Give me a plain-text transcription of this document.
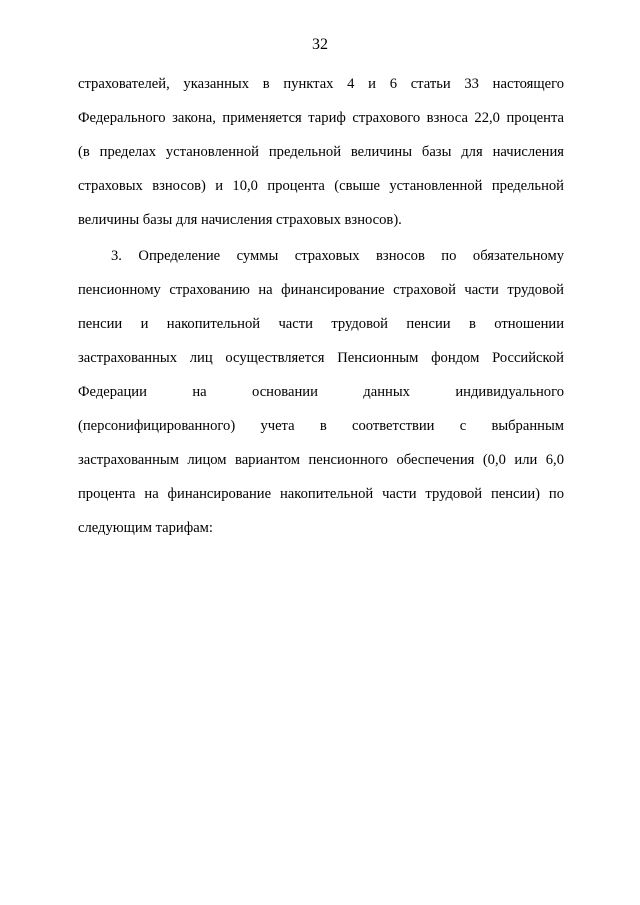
32
страхователей, указанных в пунктах 4 и 6 статьи 33 настоящего
Федерального закона, применяется тариф страхового взноса 22,0 процента
(в пределах установленной предельной величины базы для начисления
страховых взносов) и 10,0 процента (свыше установленной предельной
величины базы для начисления страховых взносов).
3. Определение суммы страховых взносов по обязательному
пенсионному страхованию на финансирование страховой части трудовой
пенсии и накопительной части трудовой пенсии в отношении
застрахованных лиц осуществляется Пенсионным фондом Российской
Федерации на основании данных индивидуального
(персонифицированного) учета в соответствии с выбранным
застрахованным лицом вариантом пенсионного обеспечения (0,0 или 6,0
процента на финансирование накопительной части трудовой пенсии) по
следующим тарифам:
